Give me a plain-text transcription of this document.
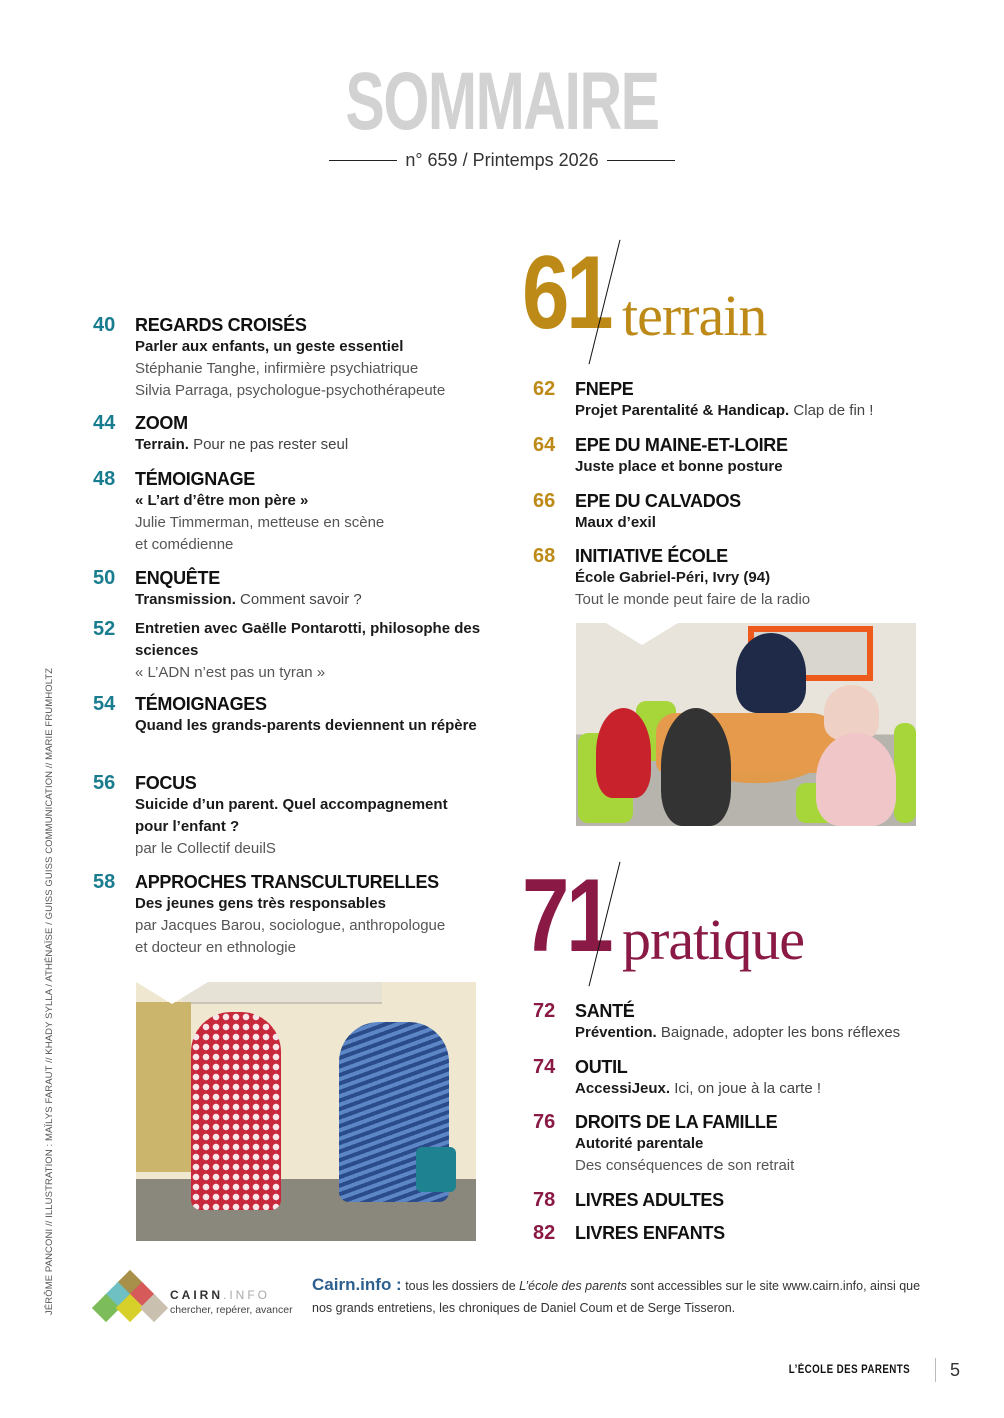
SOMMAIRE
n° 659 / Printemps 2026
JÉRÔME PANCONI // ILLUSTRATION : MAÏLYS FARAUT // KHADY SYLLA / ATHÉNAÏSE / GUISS GUISS COMMUNICATION // MARIE FRUMHOLTZ
40 REGARDS CROISÉS
Parler aux enfants, un geste essentiel
Stéphanie Tanghe, infirmière psychiatrique
Silvia Parraga, psychologue-psychothérapeute
44 ZOOM
Terrain. Pour ne pas rester seul
48 TÉMOIGNAGE
« L’art d’être mon père »
Julie Timmerman, metteuse en scène
et comédienne
50 ENQUÊTE
Transmission. Comment savoir ?
52 Entretien avec Gaëlle Pontarotti, philosophe des sciences
« L’ADN n’est pas un tyran »
54 TÉMOIGNAGES
Quand les grands-parents deviennent un répère
56 FOCUS
Suicide d’un parent. Quel accompagnement pour l’enfant ?
par le Collectif deuilS
58 APPROCHES TRANSCULTURELLES
Des jeunes gens très responsables
par Jacques Barou, sociologue, anthropologue
et docteur en ethnologie
61 terrain
62 FNEPE
Projet Parentalité & Handicap. Clap de fin !
64 EPE DU MAINE-ET-LOIRE
Juste place et bonne posture
66 EPE DU CALVADOS
Maux d’exil
68 INITIATIVE ÉCOLE
École Gabriel-Péri, Ivry (94)
Tout le monde peut faire de la radio
71 pratique
72 SANTÉ
Prévention. Baignade, adopter les bons réflexes
74 OUTIL
AccessiJeux. Ici, on joue à la carte !
76 DROITS DE LA FAMILLE
Autorité parentale
Des conséquences de son retrait
78 LIVRES ADULTES
82 LIVRES ENFANTS
CAIRN.INFO
chercher, repérer, avancer
Cairn.info : tous les dossiers de L’école des parents sont accessibles sur le site www.cairn.info, ainsi que nos grands entretiens, les chroniques de Daniel Coum et de Serge Tisseron.
L’ÉCOLE DES PARENTS 5
